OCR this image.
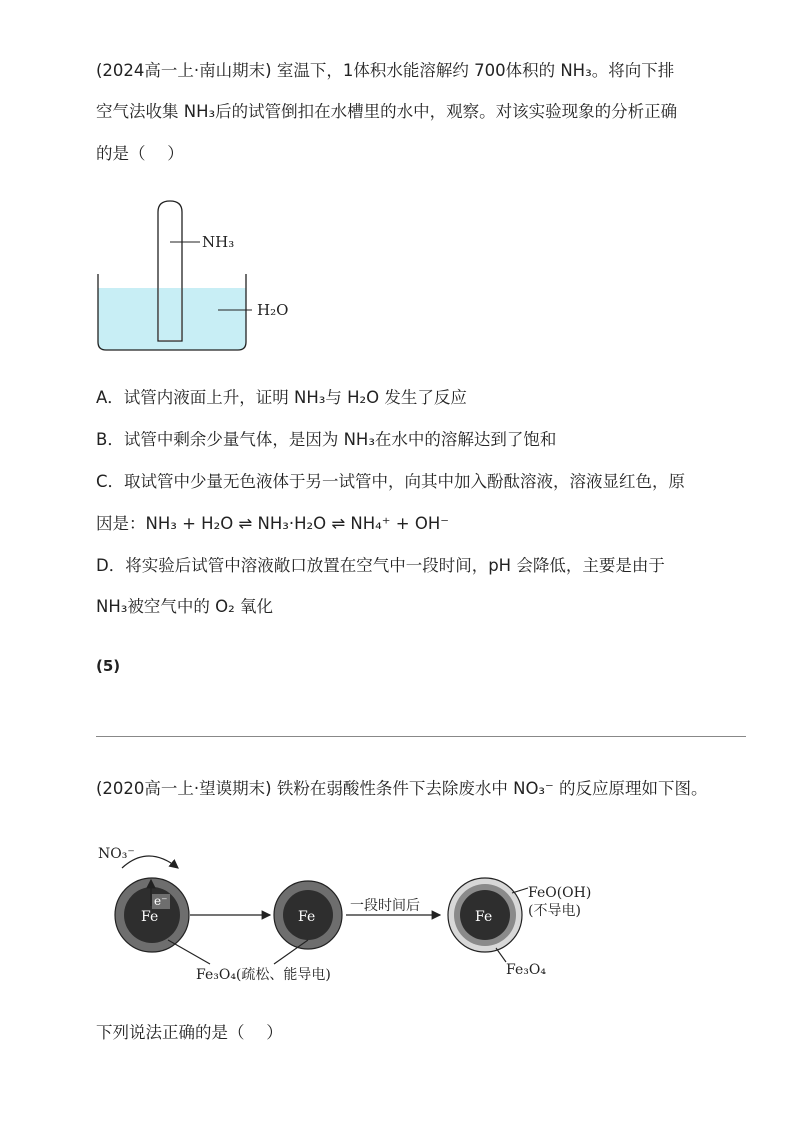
(2024高一上·南山期末) 室温下，1体积水能溶解约 700体积的 NH₃。将向下排
空气法收集 NH₃后的试管倒扣在水槽里的水中，观察。对该实验现象的分析正确
的是（　 ）
NH₃
H₂O
A．试管内液面上升，证明 NH₃与 H₂O 发生了反应
B．试管中剩余少量气体，是因为 NH₃在水中的溶解达到了饱和
C．取试管中少量无色液体于另一试管中，向其中加入酚酞溶液，溶液显红色，原
因是：NH₃ + H₂O ⇌ NH₃·H₂O ⇌ NH₄⁺ + OH⁻
D．将实验后试管中溶液敞口放置在空气中一段时间，pH 会降低，主要是由于
NH₃被空气中的 O₂ 氧化
(5)
(2020高一上·望谟期末) 铁粉在弱酸性条件下去除废水中 NO₃⁻ 的反应原理如下图。
NO₃⁻
Fe
e⁻
Fe
一段时间后
Fe
FeO(OH)
(不导电)
Fe₃O₄
Fe₃O₄(疏松、能导电)
下列说法正确的是（　 ）
